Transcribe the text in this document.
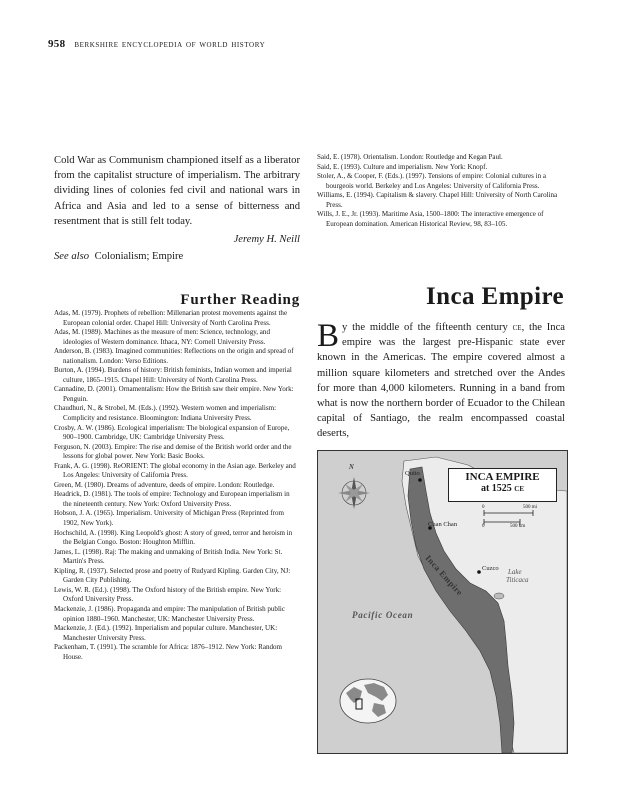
958 berkshire encyclopedia of world history

Cold War as Communism championed itself as a liberator from the capitalist structure of imperialism. The arbitrary dividing lines of colonies fed civil and national wars in Africa and Asia and led to a sense of bitterness and resentment that is still felt today.

Jeremy H. Neill
See also Colonialism; Empire
Further Reading

Adas, M. (1979). Prophets of rebellion: Millenarian protest movements against the European colonial order. Chapel Hill: University of North Carolina Press.

Adas, M. (1989). Machines as the measure of men: Science, technology, and ideologies of Western dominance. Ithaca, NY: Cornell University Press.

Anderson, B. (1983). Imagined communities: Reflections on the origin and spread of nationalism. London: Verso Editions.

Burton, A. (1994). Burdens of history: British feminists, Indian women and imperial culture, 1865–1915. Chapel Hill: University of North Carolina Press.

Cannadine, D. (2001). Ornamentalism: How the British saw their empire. New York: Penguin.

Chaudhuri, N., & Strobel, M. (Eds.). (1992). Western women and imperialism: Complicity and resistance. Bloomington: Indiana University Press.

Crosby, A. W. (1986). Ecological imperialism: The biological expansion of Europe, 900–1900. Cambridge, UK: Cambridge University Press.

Ferguson, N. (2003). Empire: The rise and demise of the British world order and the lessons for global power. New York: Basic Books.

Frank, A. G. (1998). ReORIENT: The global economy in the Asian age. Berkeley and Los Angeles: University of California Press.

Green, M. (1980). Dreams of adventure, deeds of empire. London: Routledge.

Headrick, D. (1981). The tools of empire: Technology and European imperialism in the nineteenth century. New York: Oxford University Press.

Hobson, J. A. (1965). Imperialism. University of Michigan Press (Reprinted from 1902, New York).

Hochschild, A. (1998). King Leopold's ghost: A story of greed, terror and heroism in the Belgian Congo. Boston: Houghton Mifflin.

James, L. (1998). Raj: The making and unmaking of British India. New York: St. Martin's Press.

Kipling, R. (1937). Selected prose and poetry of Rudyard Kipling. Garden City, NJ: Garden City Publishing.

Lewis, W. R. (Ed.). (1998). The Oxford history of the British empire. New York: Oxford University Press.

Mackenzie, J. (1986). Propaganda and empire: The manipulation of British public opinion 1880–1960. Manchester, UK: Manchester University Press.

Mackenzie, J. (Ed.). (1992). Imperialism and popular culture. Manchester, UK: Manchester University Press.

Packenham, T. (1991). The scramble for Africa: 1876–1912. New York: Random House.

Said, E. (1978). Orientalism. London: Routledge and Kegan Paul.

Said, E. (1993). Culture and imperialism. New York: Knopf.

Stoler, A., & Cooper, F. (Eds.). (1997). Tensions of empire: Colonial cultures in a bourgeois world. Berkeley and Los Angeles: University of California Press.

Williams, E. (1994). Capitalism & slavery. Chapel Hill: University of North Carolina Press.

Wills, J. E., Jr. (1993). Maritime Asia, 1500–1800: The interactive emergence of European domination. American Historical Review, 98, 83–105.

Inca Empire

By the middle of the fifteenth century ce, the Inca empire was the largest pre-Hispanic state ever known in the Americas. The empire covered almost a million square kilometers and stretched over the Andes for more than 4,000 kilometers. Running in a band from what is now the northern border of Ecuador to the Chilean capital of Santiago, the realm encompassed coastal deserts,

INCA EMPIRE
at 1525 ce
N
0	500 mi
0	500 km
Quito
Chan Chan
Cuzco
Inca Empire	Lake
Titicaca
Pacific Ocean
